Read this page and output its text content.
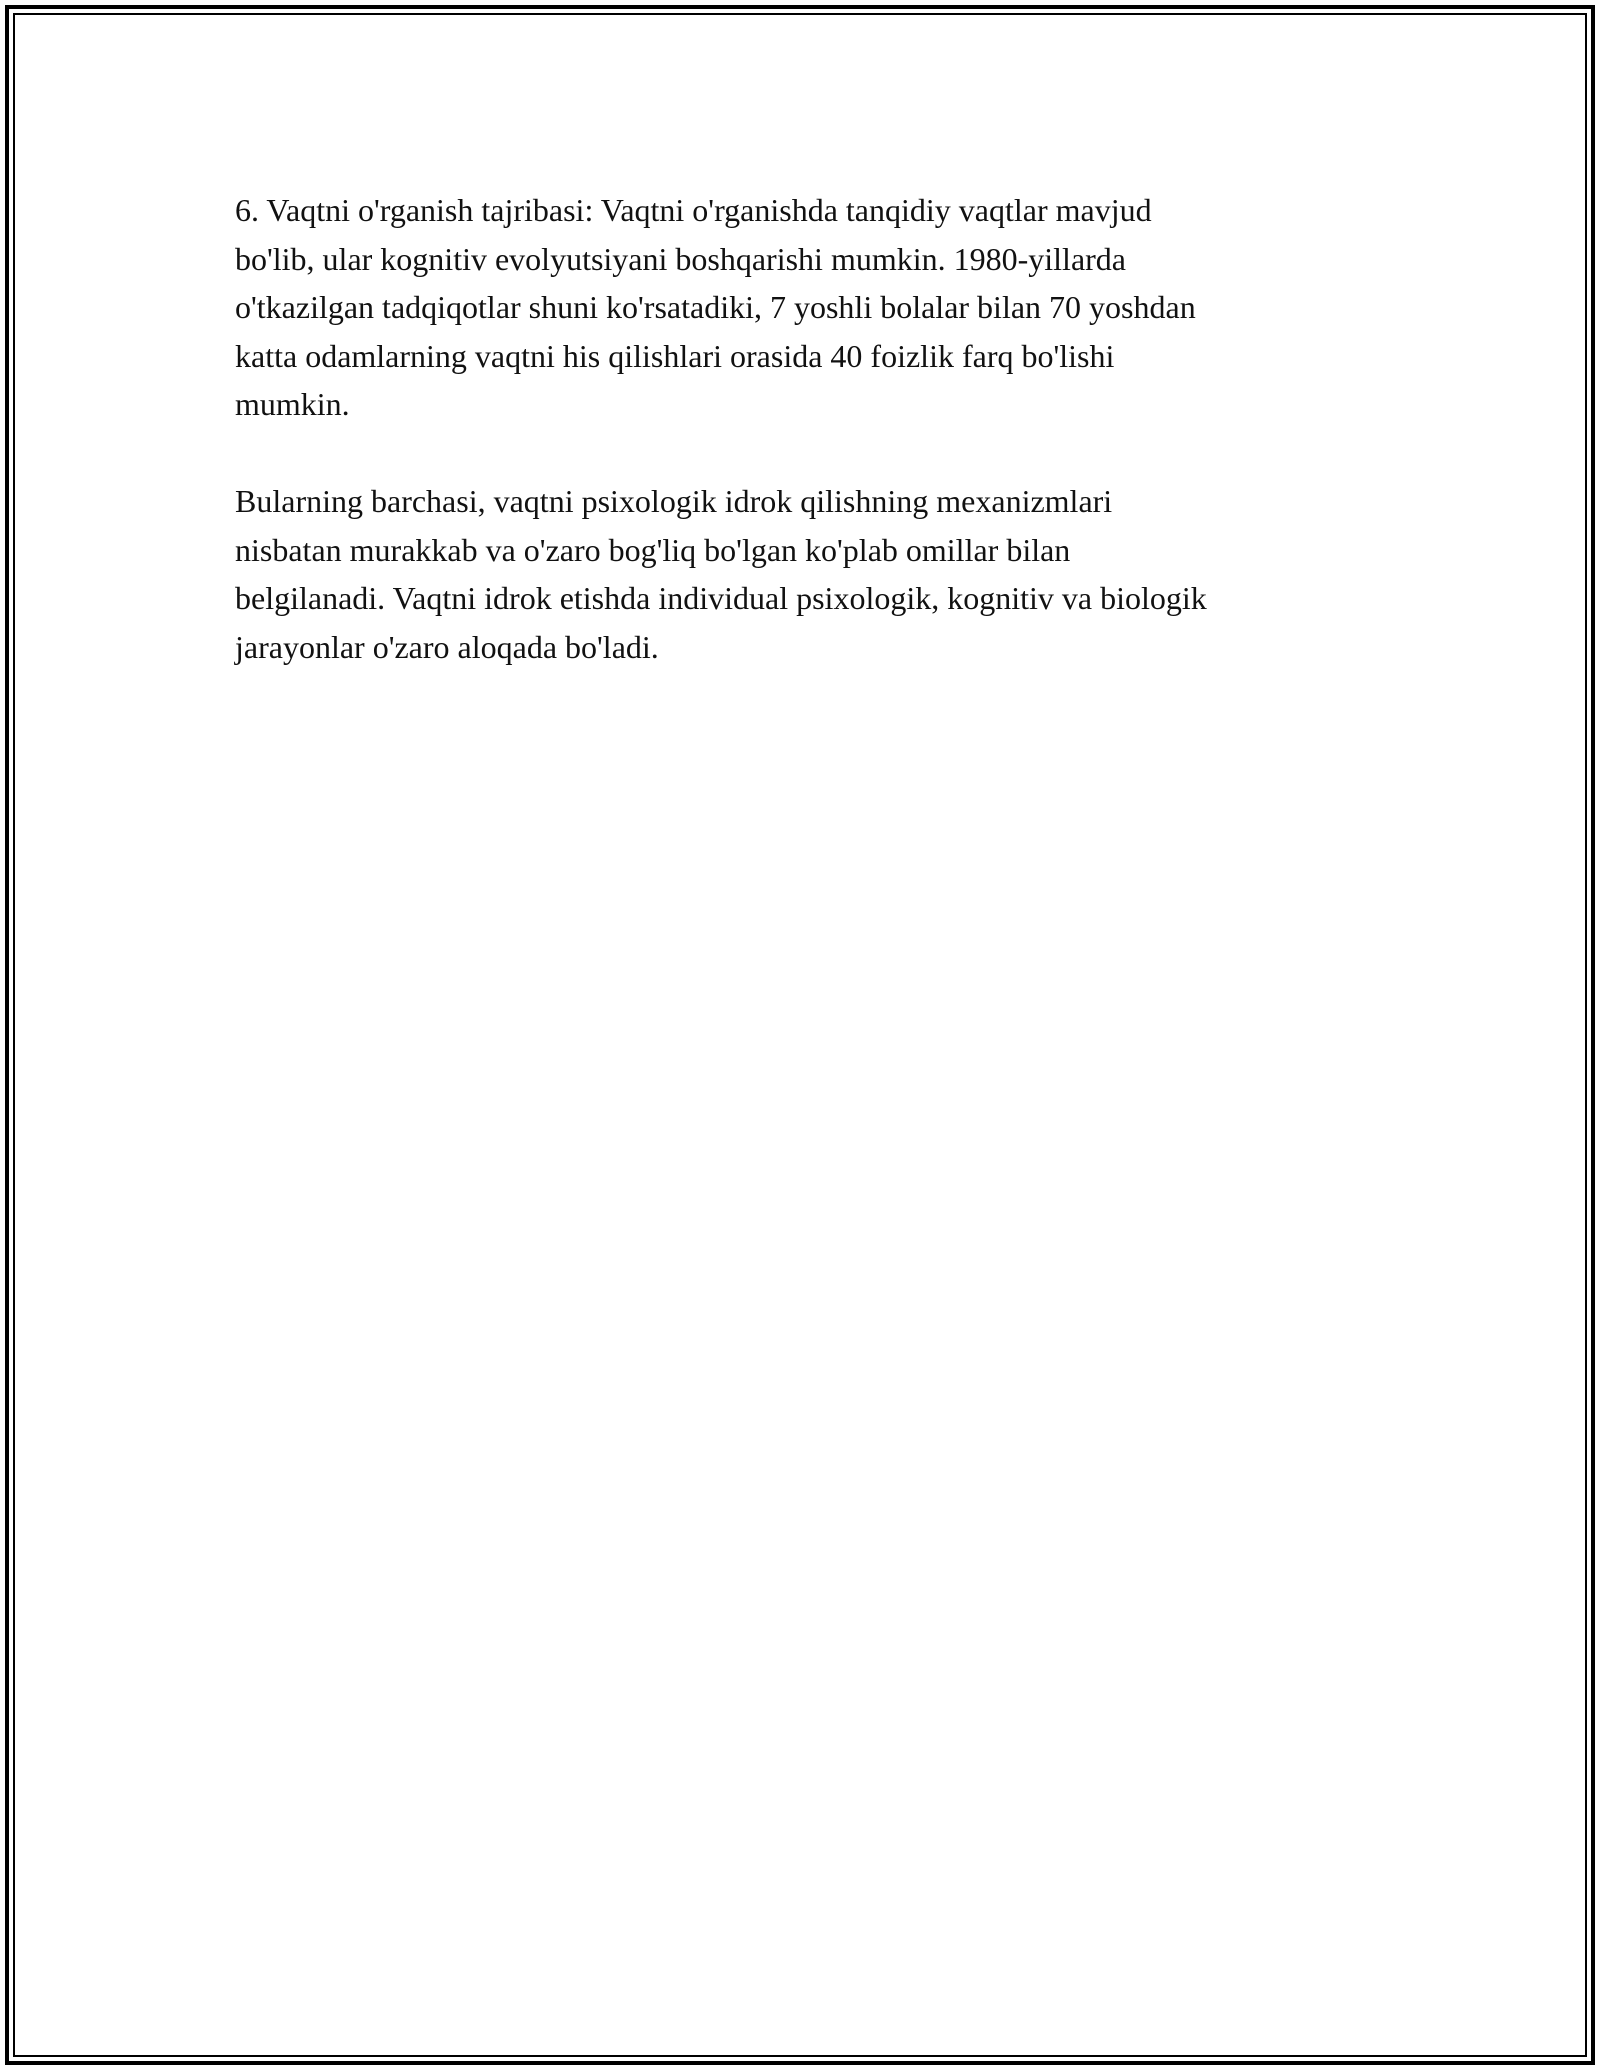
6. Vaqtni o'rganish tajribasi: Vaqtni o'rganishda tanqidiy vaqtlar mavjud
bo'lib, ular kognitiv evolyutsiyani boshqarishi mumkin. 1980-yillarda
o'tkazilgan tadqiqotlar shuni ko'rsatadiki, 7 yoshli bolalar bilan 70 yoshdan
katta odamlarning vaqtni his qilishlari orasida 40 foizlik farq bo'lishi
mumkin.

Bularning barchasi, vaqtni psixologik idrok qilishning mexanizmlari
nisbatan murakkab va o'zaro bog'liq bo'lgan ko'plab omillar bilan
belgilanadi. Vaqtni idrok etishda individual psixologik, kognitiv va biologik
jarayonlar o'zaro aloqada bo'ladi.
